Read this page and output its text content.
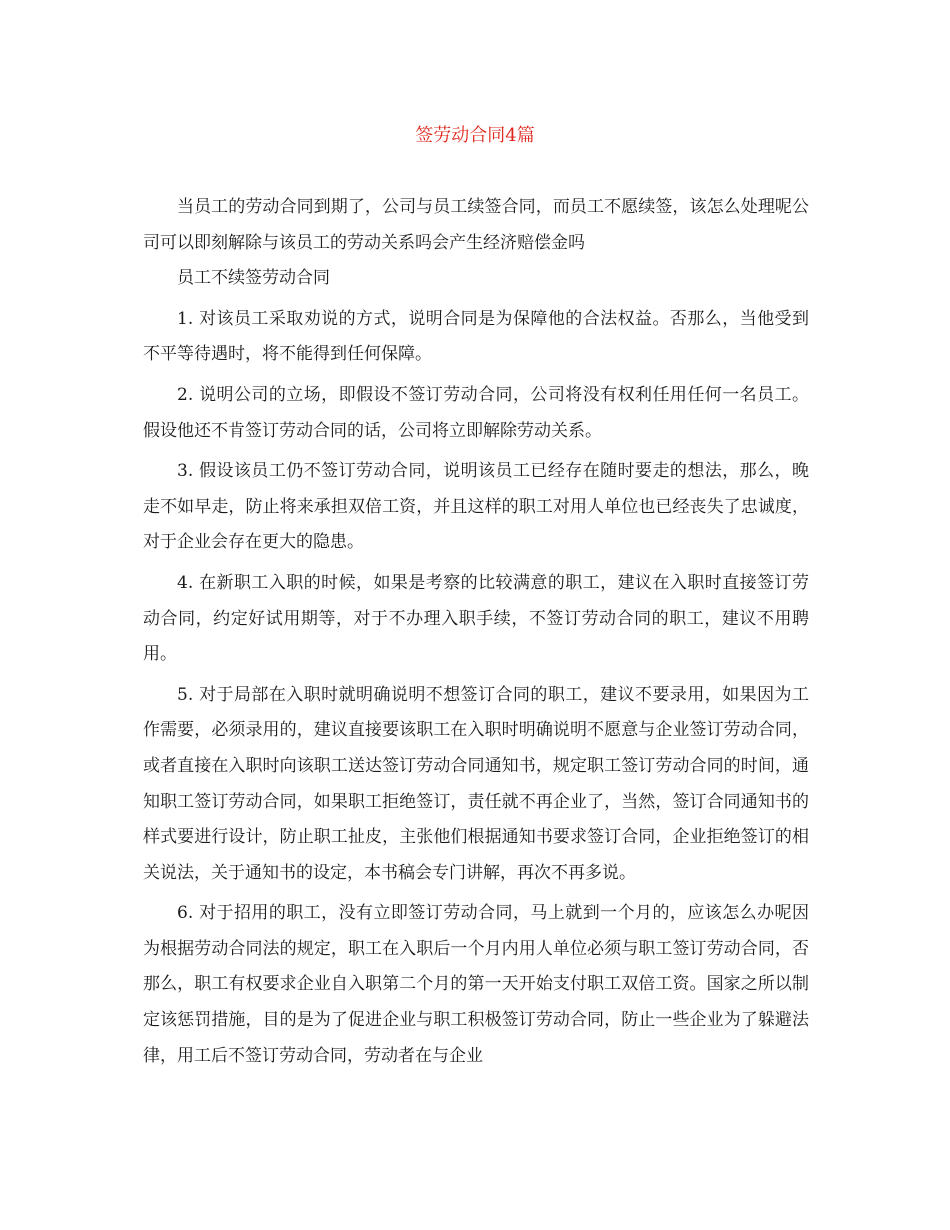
签劳动合同4篇

当员工的劳动合同到期了，公司与员工续签合同，而员工不愿续签，该怎么处理呢公司可以即刻解除与该员工的劳动关系吗会产生经济赔偿金吗

员工不续签劳动合同

1. 对该员工采取劝说的方式，说明合同是为保障他的合法权益。否那么，当他受到不平等待遇时，将不能得到任何保障。

2. 说明公司的立场，即假设不签订劳动合同，公司将没有权利任用任何一名员工。假设他还不肯签订劳动合同的话，公司将立即解除劳动关系。

3. 假设该员工仍不签订劳动合同，说明该员工已经存在随时要走的想法，那么，晚走不如早走，防止将来承担双倍工资，并且这样的职工对用人单位也已经丧失了忠诚度，对于企业会存在更大的隐患。

4. 在新职工入职的时候，如果是考察的比较满意的职工，建议在入职时直接签订劳动合同，约定好试用期等，对于不办理入职手续，不签订劳动合同的职工，建议不用聘用。

5. 对于局部在入职时就明确说明不想签订合同的职工，建议不要录用，如果因为工作需要，必须录用的，建议直接要该职工在入职时明确说明不愿意与企业签订劳动合同，或者直接在入职时向该职工送达签订劳动合同通知书，规定职工签订劳动合同的时间，通知职工签订劳动合同，如果职工拒绝签订，责任就不再企业了，当然，签订合同通知书的样式要进行设计，防止职工扯皮，主张他们根据通知书要求签订合同，企业拒绝签订的相关说法，关于通知书的设定，本书稿会专门讲解，再次不再多说。

6. 对于招用的职工，没有立即签订劳动合同，马上就到一个月的，应该怎么办呢因为根据劳动合同法的规定，职工在入职后一个月内用人单位必须与职工签订劳动合同，否那么，职工有权要求企业自入职第二个月的第一天开始支付职工双倍工资。国家之所以制定该惩罚措施，目的是为了促进企业与职工积极签订劳动合同，防止一些企业为了躲避法律，用工后不签订劳动合同，劳动者在与企业
